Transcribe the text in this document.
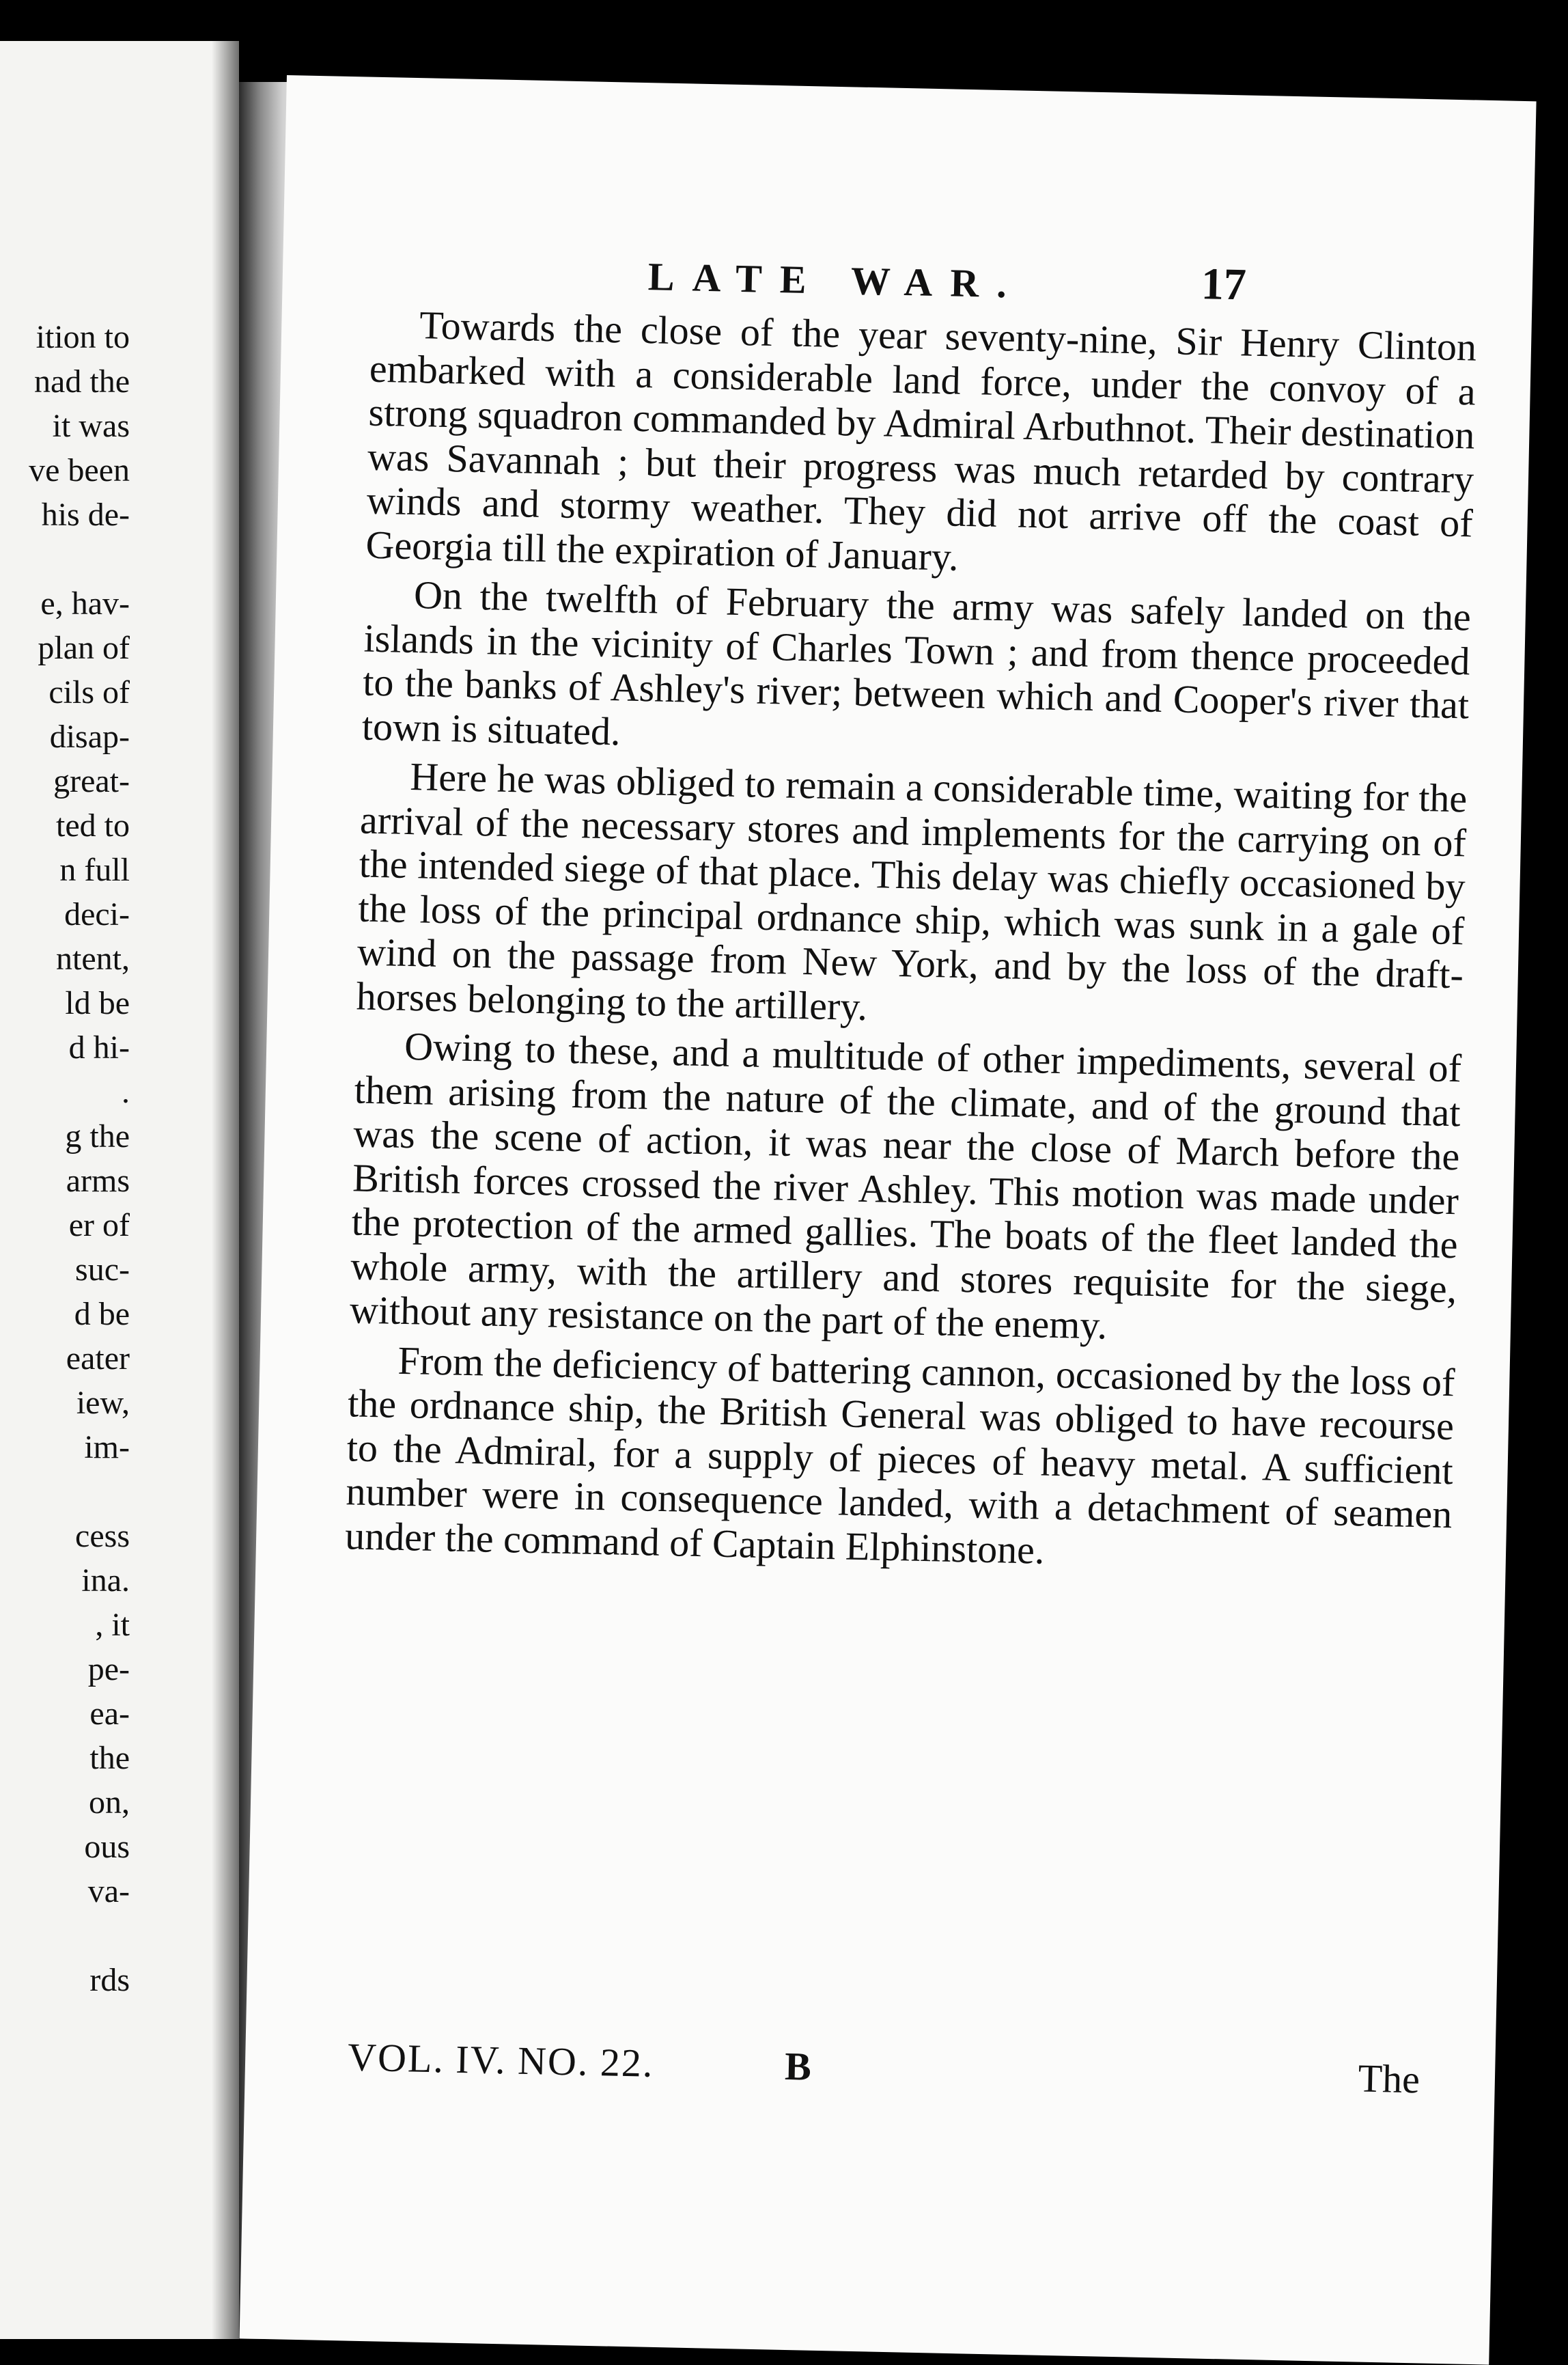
ition to
nad the
it was
ve been
his de-
e, hav-
plan of
cils of
disap-
great-
ted to
n full
deci-
ntent,
ld be
d hi-
.
g the
arms
er of
suc-
d be
eater
iew,
im-
cess
ina.
, it
pe-
ea-
the
on,
ous
va-
rds
LATE WAR.	17

Towards the close of the year seventy-nine, Sir Henry Clinton embarked with a considerable land force, under the convoy of a strong squadron commanded by Admiral Arbuthnot. Their destination was Savannah ; but their progress was much retarded by contrary winds and stormy weather. They did not arrive off the coast of Georgia till the expiration of January.

On the twelfth of February the army was safely landed on the islands in the vicinity of Charles Town ; and from thence proceeded to the banks of Ashley's river; between which and Cooper's river that town is situated.

Here he was obliged to remain a considerable time, waiting for the arrival of the necessary stores and implements for the carrying on of the intended siege of that place. This delay was chiefly occasioned by the loss of the principal ordnance ship, which was sunk in a gale of wind on the passage from New York, and by the loss of the draft-horses belonging to the artillery.

Owing to these, and a multitude of other impediments, several of them arising from the nature of the climate, and of the ground that was the scene of action, it was near the close of March before the British forces crossed the river Ashley. This motion was made under the protection of the armed gallies. The boats of the fleet landed the whole army, with the artillery and stores requisite for the siege, without any resistance on the part of the enemy.

From the deficiency of battering cannon, occasioned by the loss of the ordnance ship, the British General was obliged to have recourse to the Admiral, for a supply of pieces of heavy metal. A sufficient number were in consequence landed, with a detachment of seamen under the command of Captain Elphinstone.

VOL. IV. NO. 22.	B	The
